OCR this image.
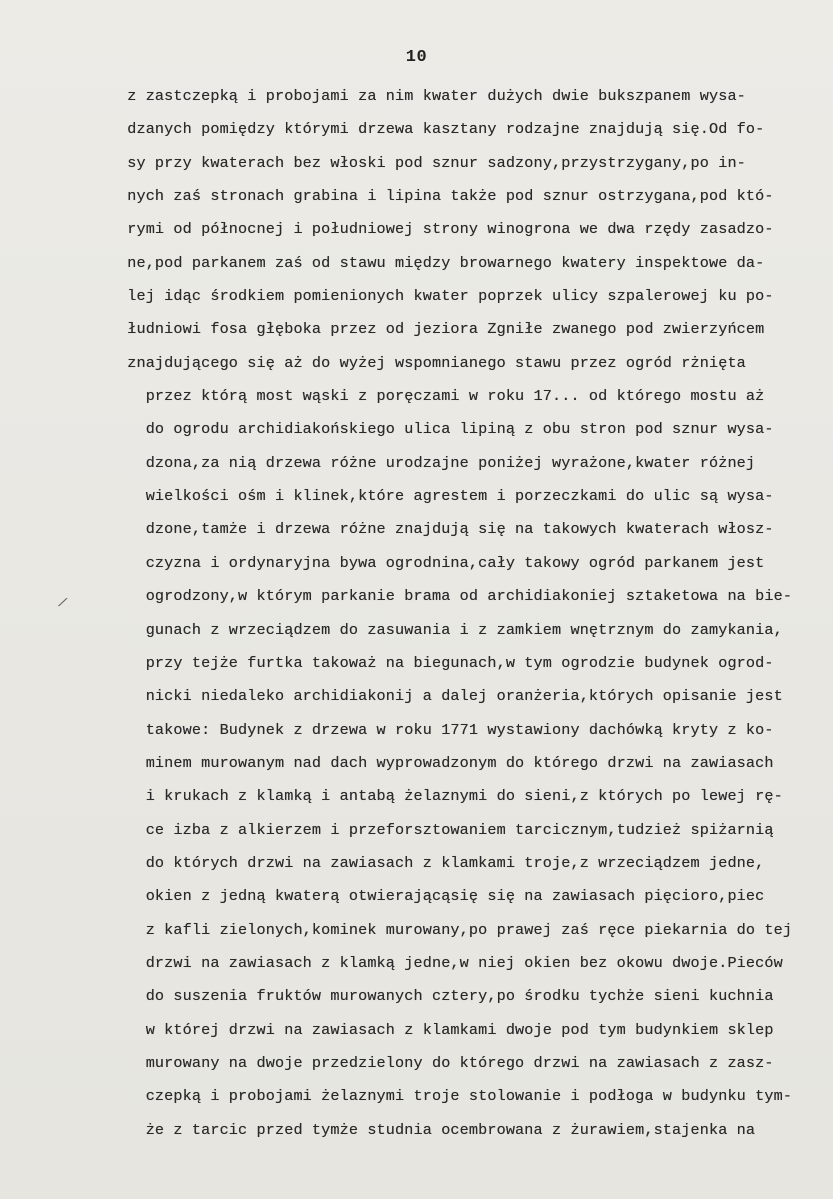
10
/
z zastczepką i probojami za nim kwater dużych dwie bukszpanem wysa-
dzanych pomiędzy którymi drzewa kasztany rodzajne znajdują się.Od fo-
sy przy kwaterach bez włoski pod sznur sadzony,przystrzygany,po in-
nych zaś stronach grabina i lipina także pod sznur ostrzygana,pod któ-
rymi od północnej i południowej strony winogrona we dwa rzędy zasadzo-
ne,pod parkanem zaś od stawu między browarnego kwatery inspektowe da-
lej idąc środkiem pomienionych kwater poprzek ulicy szpalerowej ku po-
łudniowi fosa głęboka przez od jeziora Zgniłe zwanego pod zwierzyńcem
znajdującego się aż do wyżej wspomnianego stawu przez ogród rżnięta
przez którą most wąski z poręczami w roku 17... od którego mostu aż
do ogrodu archidiakońskiego ulica lipiną z obu stron pod sznur wysa-
dzona,za nią drzewa różne urodzajne poniżej wyrażone,kwater różnej
wielkości ośm i klinek,które agrestem i porzeczkami do ulic są wysa-
dzone,tamże i drzewa różne znajdują się na takowych kwaterach włosz-
czyzna i ordynaryjna bywa ogrodnina,cały takowy ogród parkanem jest
ogrodzony,w którym parkanie brama od archidiakoniej sztaketowa na bie-
gunach z wrzeciądzem do zasuwania i z zamkiem wnętrznym do zamykania,
przy tejże furtka takoważ na biegunach,w tym ogrodzie budynek ogrod-
nicki niedaleko archidiakonij a dalej oranżeria,których opisanie jest
takowe: Budynek z drzewa w roku 1771 wystawiony dachówką kryty z ko-
minem murowanym nad dach wyprowadzonym do którego drzwi na zawiasach
i krukach z klamką i antabą żelaznymi do sieni,z których po lewej rę-
ce izba z alkierzem i przeforsztowaniem tarcicznym,tudzież spiżarnią
do których drzwi na zawiasach z klamkami troje,z wrzeciądzem jedne,
okien z jedną kwaterą otwierającąsię się na zawiasach pięcioro,piec
z kafli zielonych,kominek murowany,po prawej zaś ręce piekarnia do tej
drzwi na zawiasach z klamką jedne,w niej okien bez okowu dwoje.Pieców
do suszenia fruktów murowanych cztery,po środku tychże sieni kuchnia
w której drzwi na zawiasach z klamkami dwoje pod tym budynkiem sklep
murowany na dwoje przedzielony do którego drzwi na zawiasach z zasz-
czepką i probojami żelaznymi troje stolowanie i podłoga w budynku tym-
że z tarcic przed tymże studnia ocembrowana z żurawiem,stajenka na
